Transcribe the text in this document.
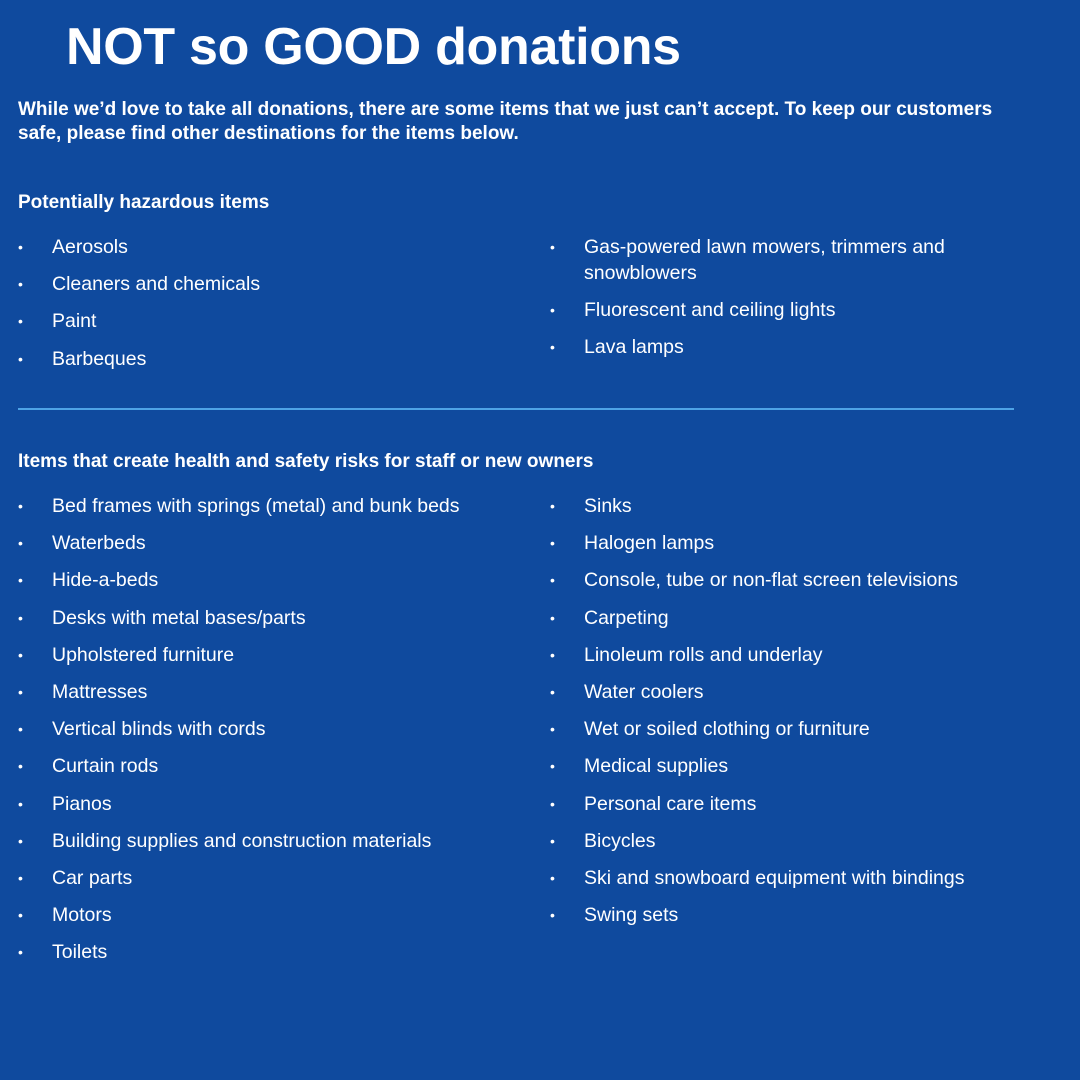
NOT so GOOD donations

While we’d love to take all donations, there are some items that we just can’t accept. To keep our customers safe, please find other destinations for the items below.

Potentially hazardous items
• Aerosols
• Cleaners and chemicals
• Paint
• Barbeques
• Gas-powered lawn mowers, trimmers and snowblowers
• Fluorescent and ceiling lights
• Lava lamps
Items that create health and safety risks for staff or new owners
• Bed frames with springs (metal) and bunk beds
• Waterbeds
• Hide-a-beds
• Desks with metal bases/parts
• Upholstered furniture
• Mattresses
• Vertical blinds with cords
• Curtain rods
• Pianos
• Building supplies and construction materials
• Car parts
• Motors
• Toilets
• Sinks
• Halogen lamps
• Console, tube or non-flat screen televisions
• Carpeting
• Linoleum rolls and underlay
• Water coolers
• Wet or soiled clothing or furniture
• Medical supplies
• Personal care items
• Bicycles
• Ski and snowboard equipment with bindings
• Swing sets
